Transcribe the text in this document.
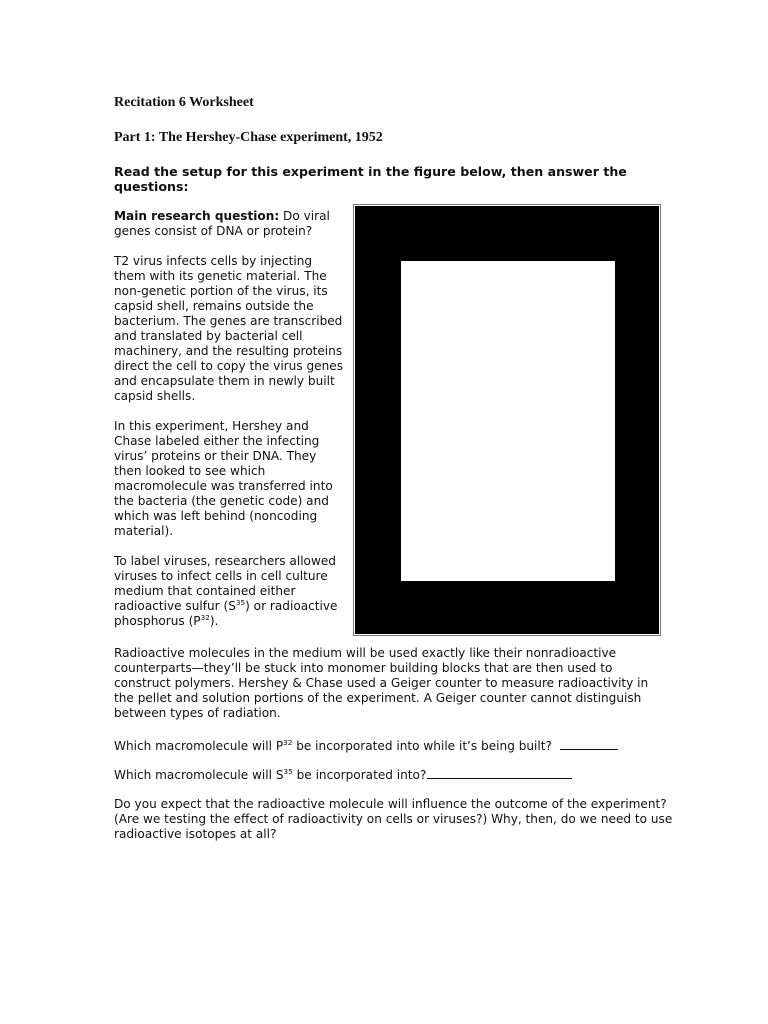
Recitation 6 Worksheet
Part 1: The Hershey-Chase experiment, 1952
Read the setup for this experiment in the figure below, then answer the questions:

Main research question: Do viral genes consist of DNA or protein?

T2 virus infects cells by injecting them with its genetic material. The non-genetic portion of the virus, its capsid shell, remains outside the bacterium. The genes are transcribed and translated by bacterial cell machinery, and the resulting proteins direct the cell to copy the virus genes and encapsulate them in newly built capsid shells.

In this experiment, Hershey and Chase labeled either the infecting virus’ proteins or their DNA. They then looked to see which macromolecule was transferred into the bacteria (the genetic code) and which was left behind (noncoding material).

To label viruses, researchers allowed viruses to infect cells in cell culture medium that contained either radioactive sulfur $(S^{35})$ or radioactive phosphorus $(P^{32})$.

Radioactive molecules in the medium will be used exactly like their nonradioactive counterparts—they’ll be stuck into monomer building blocks that are then used to construct polymers. Hershey & Chase used a Geiger counter to measure radioactivity in the pellet and solution portions of the experiment. A Geiger counter cannot distinguish between types of radiation.
Which macromolecule will $P^{32}$ be incorporated into while it’s being built?
Which macromolecule will $S^{35}$ be incorporated into?
Do you expect that the radioactive molecule will influence the outcome of the experiment? (Are we testing the effect of radioactivity on cells or viruses?) Why, then, do we need to use radioactive isotopes at all?
